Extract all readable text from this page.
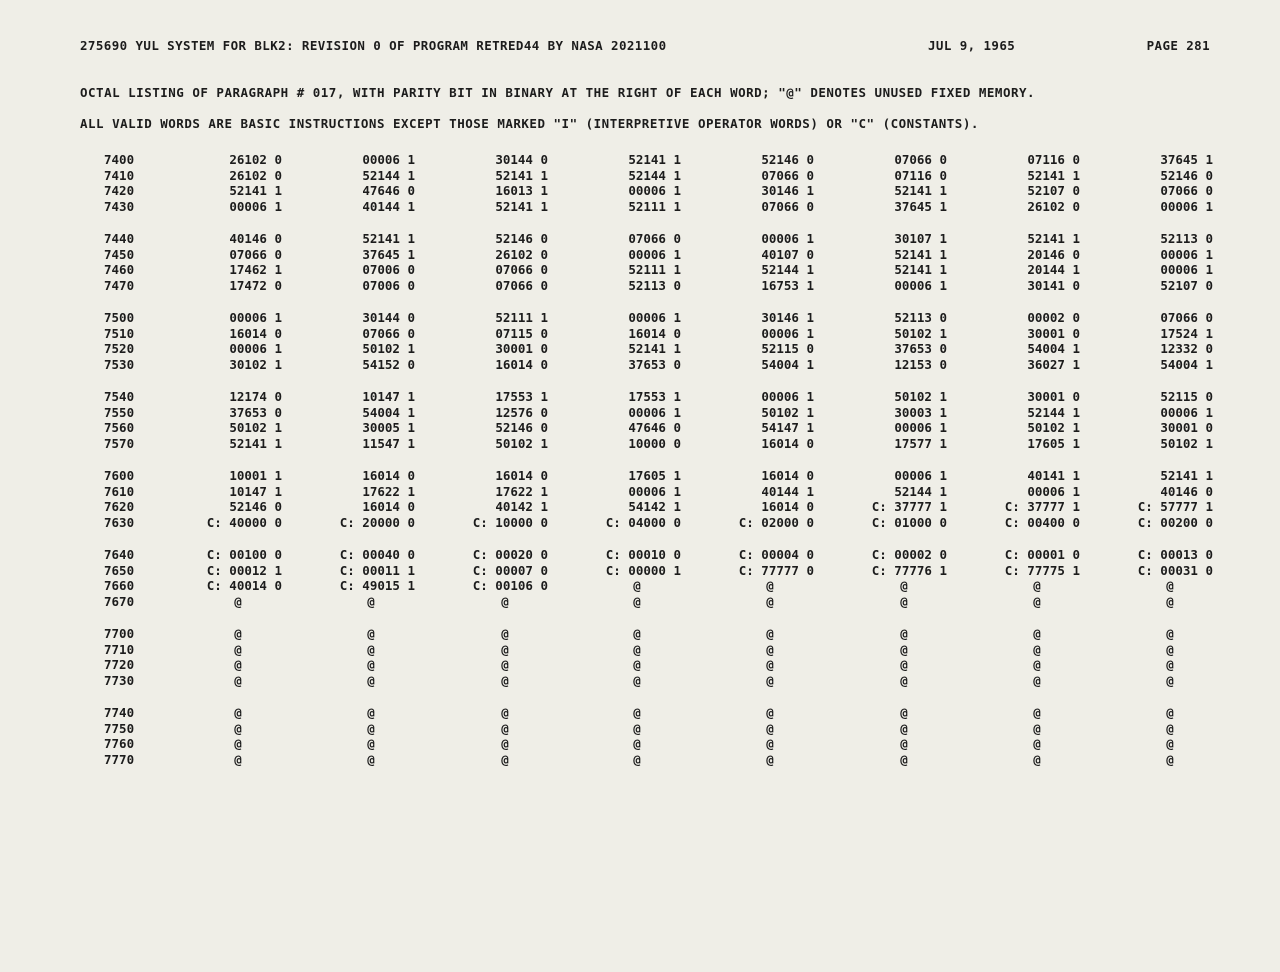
275690 YUL SYSTEM FOR BLK2: REVISION 0 OF PROGRAM RETRED44 BY NASA 2021100	JUL 9, 1965	PAGE 281
OCTAL LISTING OF PARAGRAPH # 017, WITH PARITY BIT IN BINARY AT THE RIGHT OF EACH WORD; "@" DENOTES UNUSED FIXED MEMORY.
ALL VALID WORDS ARE BASIC INSTRUCTIONS EXCEPT THOSE MARKED "I" (INTERPRETIVE OPERATOR WORDS) OR "C" (CONSTANTS).
7400	26102 0	00006 1	30144 0	52141 1	52146 0	07066 0	07116 0	37645 1
7410	26102 0	52144 1	52141 1	52144 1	07066 0	07116 0	52141 1	52146 0
7420	52141 1	47646 0	16013 1	00006 1	30146 1	52141 1	52107 0	07066 0
7430	00006 1	40144 1	52141 1	52111 1	07066 0	37645 1	26102 0	00006 1
7440	40146 0	52141 1	52146 0	07066 0	00006 1	30107 1	52141 1	52113 0
7450	07066 0	37645 1	26102 0	00006 1	40107 0	52141 1	20146 0	00006 1
7460	17462 1	07006 0	07066 0	52111 1	52144 1	52141 1	20144 1	00006 1
7470	17472 0	07006 0	07066 0	52113 0	16753 1	00006 1	30141 0	52107 0
7500	00006 1	30144 0	52111 1	00006 1	30146 1	52113 0	00002 0	07066 0
7510	16014 0	07066 0	07115 0	16014 0	00006 1	50102 1	30001 0	17524 1
7520	00006 1	50102 1	30001 0	52141 1	52115 0	37653 0	54004 1	12332 0
7530	30102 1	54152 0	16014 0	37653 0	54004 1	12153 0	36027 1	54004 1
7540	12174 0	10147 1	17553 1	17553 1	00006 1	50102 1	30001 0	52115 0
7550	37653 0	54004 1	12576 0	00006 1	50102 1	30003 1	52144 1	00006 1
7560	50102 1	30005 1	52146 0	47646 0	54147 1	00006 1	50102 1	30001 0
7570	52141 1	11547 1	50102 1	10000 0	16014 0	17577 1	17605 1	50102 1
7600	10001 1	16014 0	16014 0	17605 1	16014 0	00006 1	40141 1	52141 1
7610	10147 1	17622 1	17622 1	00006 1	40144 1	52144 1	00006 1	40146 0
7620	52146 0	16014 0	40142 1	54142 1	16014 0	C: 37777 1	C: 37777 1	C: 57777 1
7630	C: 40000 0	C: 20000 0	C: 10000 0	C: 04000 0	C: 02000 0	C: 01000 0	C: 00400 0	C: 00200 0
7640	C: 00100 0	C: 00040 0	C: 00020 0	C: 00010 0	C: 00004 0	C: 00002 0	C: 00001 0	C: 00013 0
7650	C: 00012 1	C: 00011 1	C: 00007 0	C: 00000 1	C: 77777 0	C: 77776 1	C: 77775 1	C: 00031 0
7660	C: 40014 0	C: 49015 1	C: 00106 0	@	@	@	@	@
7670	@	@	@	@	@	@	@	@
7700	@	@	@	@	@	@	@	@
7710	@	@	@	@	@	@	@	@
7720	@	@	@	@	@	@	@	@
7730	@	@	@	@	@	@	@	@
7740	@	@	@	@	@	@	@	@
7750	@	@	@	@	@	@	@	@
7760	@	@	@	@	@	@	@	@
7770	@	@	@	@	@	@	@	@
